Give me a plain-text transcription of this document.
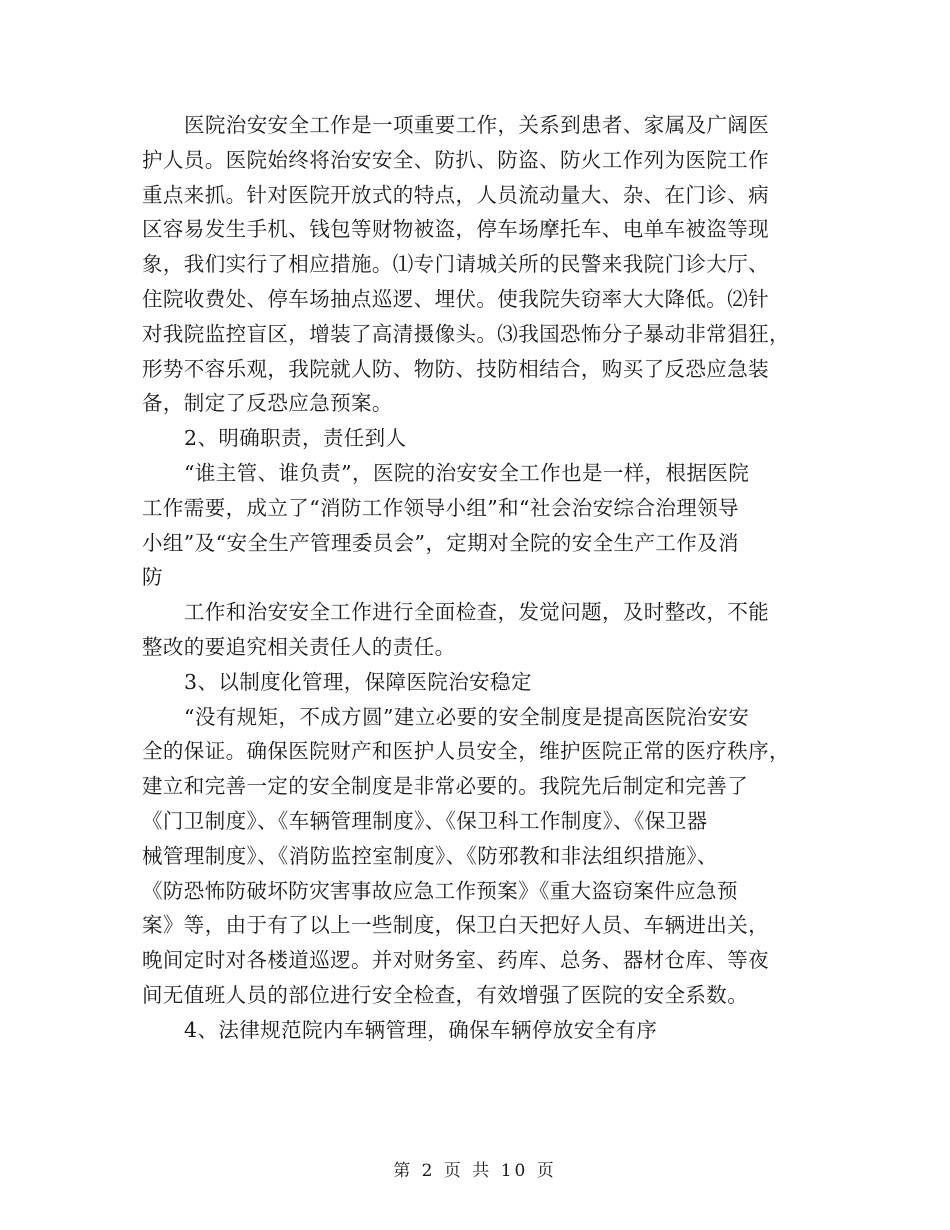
医院治安安全工作是一项重要工作，关系到患者、家属及广阔医
护人员。医院始终将治安安全、防扒、防盗、防火工作列为医院工作
重点来抓。针对医院开放式的特点，人员流动量大、杂、在门诊、病
区容易发生手机、钱包等财物被盗，停车场摩托车、电单车被盗等现
象，我们实行了相应措施。⑴专门请城关所的民警来我院门诊大厅、
住院收费处、停车场抽点巡逻、埋伏。使我院失窃率大大降低。⑵针
对我院监控盲区，增装了高清摄像头。⑶我国恐怖分子暴动非常猖狂，
形势不容乐观，我院就人防、物防、技防相结合，购买了反恐应急装
备，制定了反恐应急预案。
2、明确职责，责任到人
“谁主管、谁负责”，医院的治安安全工作也是一样，根据医院
工作需要，成立了“消防工作领导小组”和“社会治安综合治理领导
小组”及“安全生产管理委员会”，定期对全院的安全生产工作及消
防
工作和治安安全工作进行全面检查，发觉问题，及时整改，不能
整改的要追究相关责任人的责任。
3、以制度化管理，保障医院治安稳定
“没有规矩，不成方圆”建立必要的安全制度是提高医院治安安
全的保证。确保医院财产和医护人员安全，维护医院正常的医疗秩序，
建立和完善一定的安全制度是非常必要的。我院先后制定和完善了
《门卫制度》、《车辆管理制度》、《保卫科工作制度》、《保卫器
械管理制度》、《消防监控室制度》、《防邪教和非法组织措施》、
《防恐怖防破坏防灾害事故应急工作预案》《重大盗窃案件应急预
案》等，由于有了以上一些制度，保卫白天把好人员、车辆进出关，
晚间定时对各楼道巡逻。并对财务室、药库、总务、器材仓库、等夜
间无值班人员的部位进行安全检查，有效增强了医院的安全系数。
4、法律规范院内车辆管理，确保车辆停放安全有序
第 2 页 共 10 页
